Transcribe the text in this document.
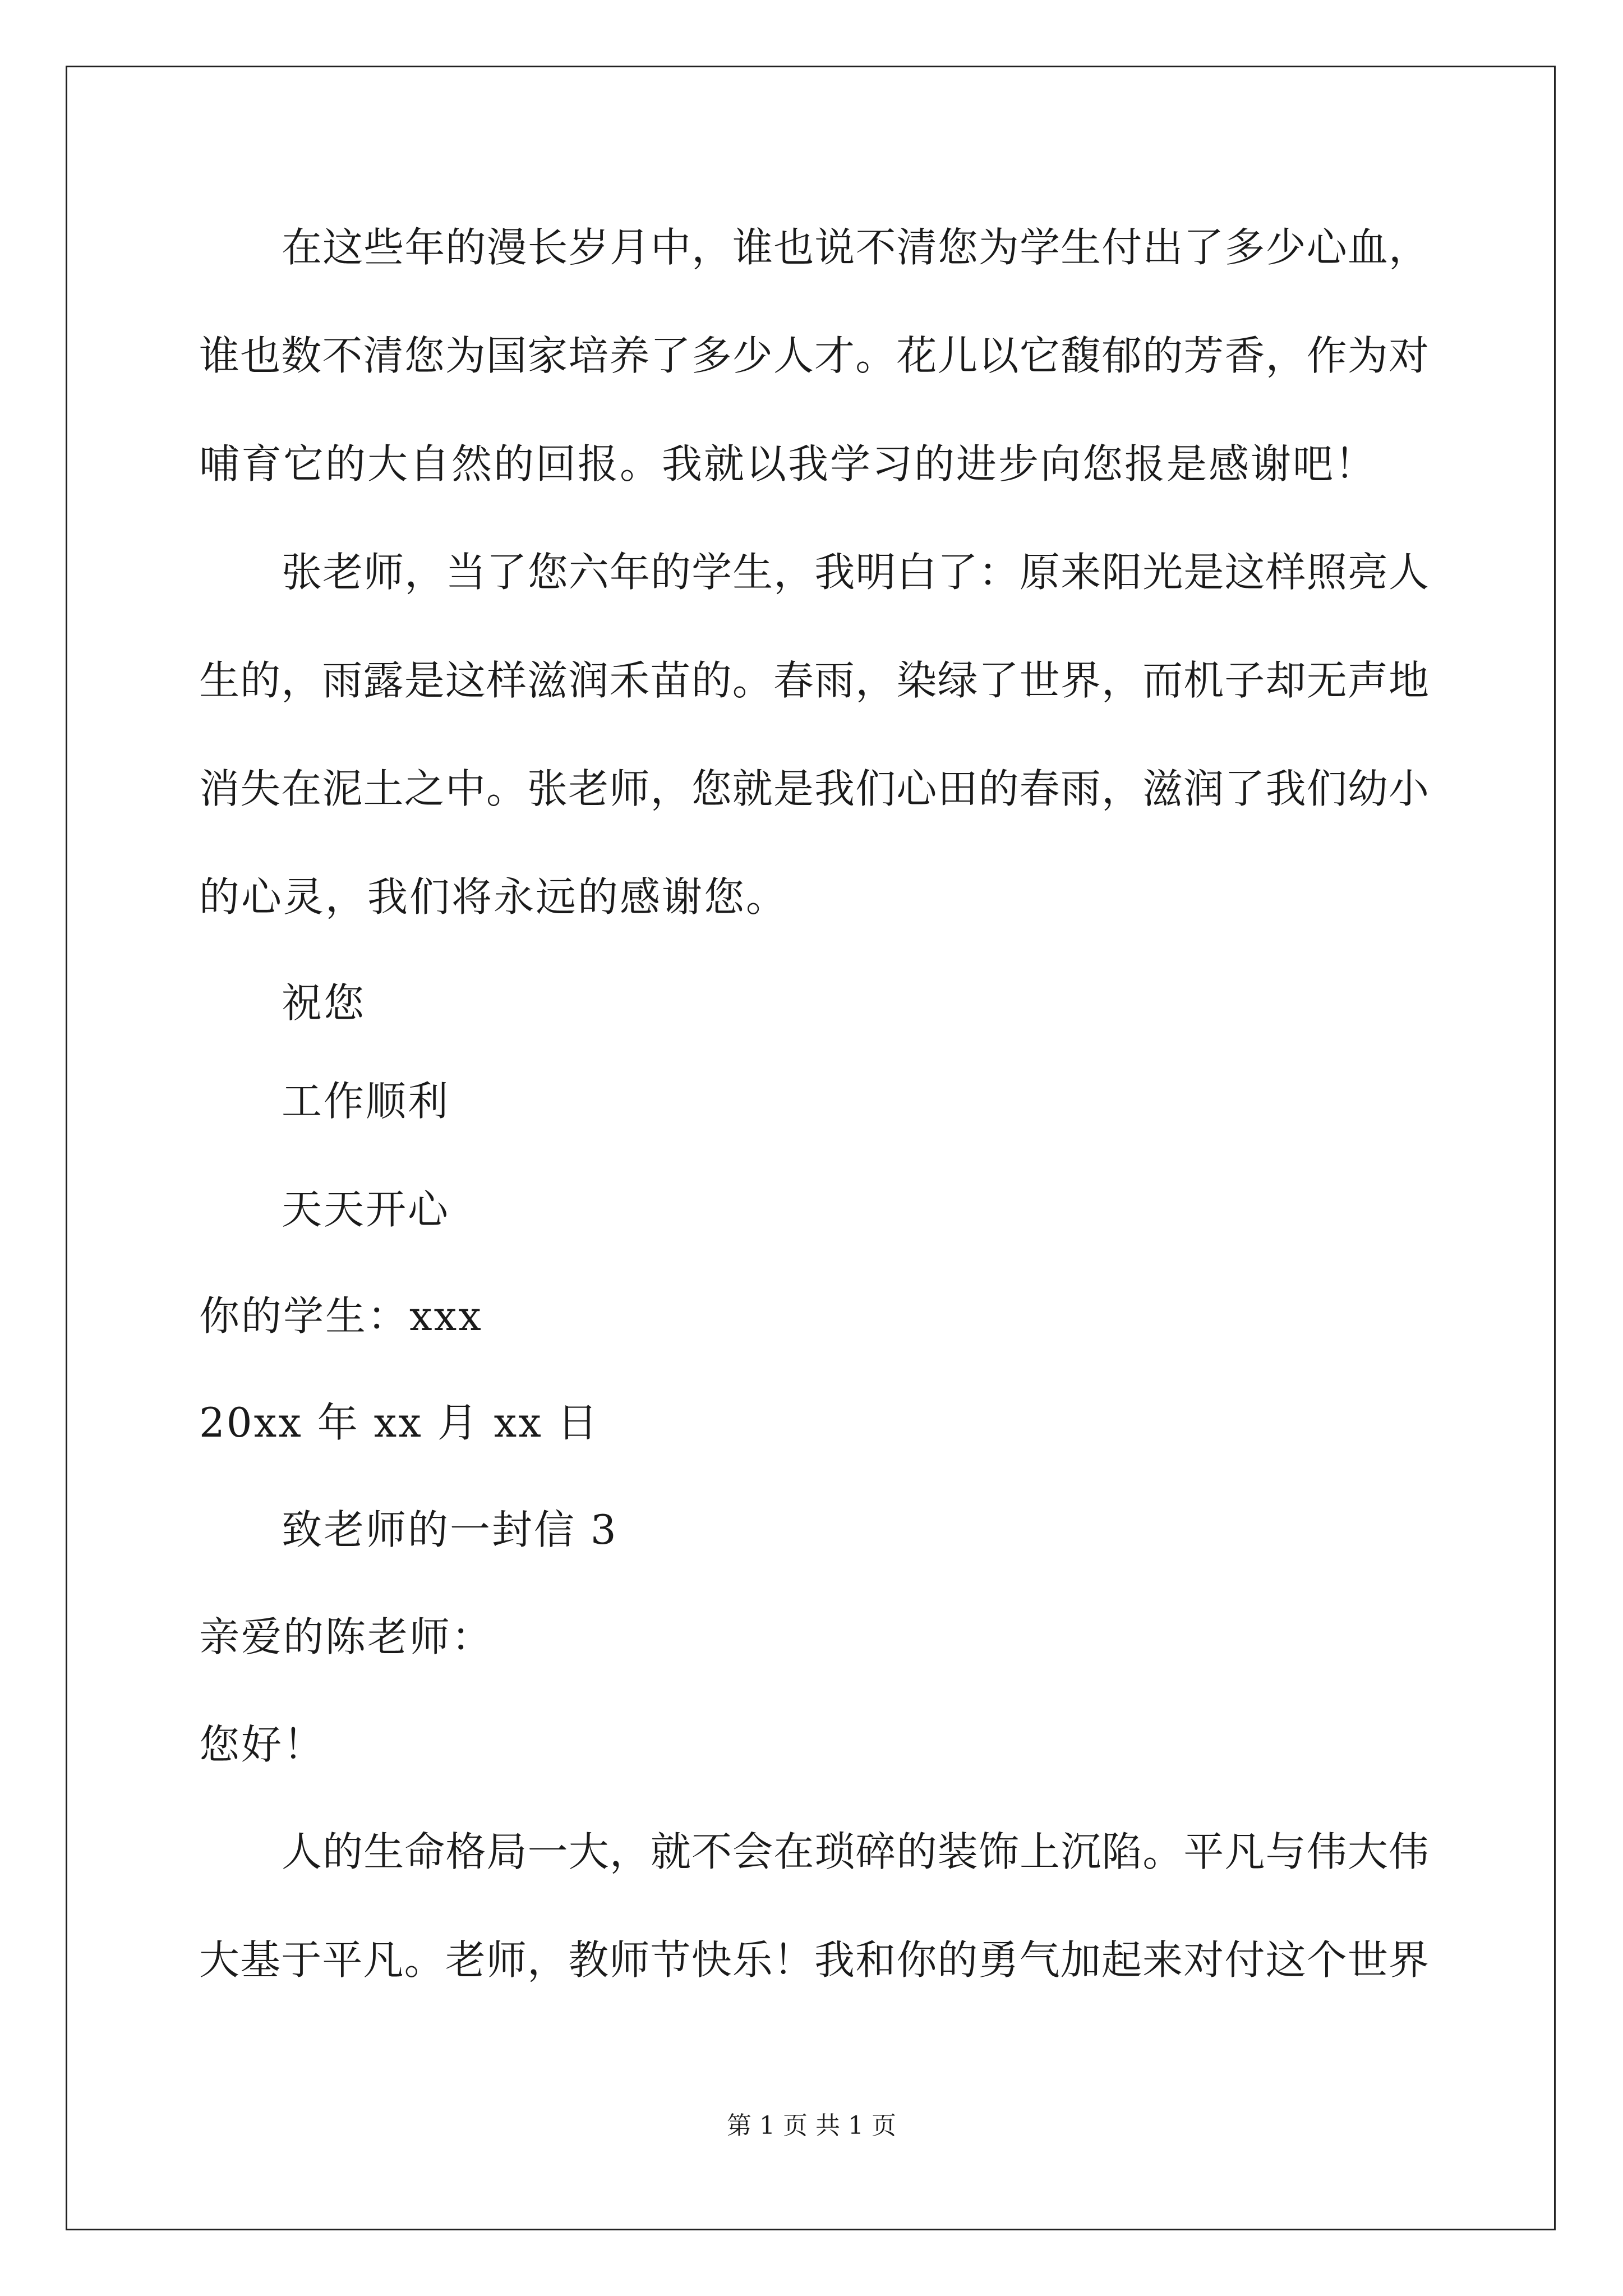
在这些年的漫长岁月中，谁也说不清您为学生付出了多少心血，
谁也数不清您为国家培养了多少人才。花儿以它馥郁的芳香，作为对
哺育它的大自然的回报。我就以我学习的进步向您报是感谢吧！
张老师，当了您六年的学生，我明白了：原来阳光是这样照亮人
生的，雨露是这样滋润禾苗的。春雨，染绿了世界，而机子却无声地
消失在泥土之中。张老师，您就是我们心田的春雨，滋润了我们幼小
的心灵，我们将永远的感谢您。
祝您
工作顺利
天天开心
你的学生：xxx
20xx 年 xx 月 xx 日
致老师的一封信 3
亲爱的陈老师：
您好！
人的生命格局一大，就不会在琐碎的装饰上沉陷。平凡与伟大伟
大基于平凡。老师，教师节快乐！我和你的勇气加起来对付这个世界
第 1 页 共 1 页
